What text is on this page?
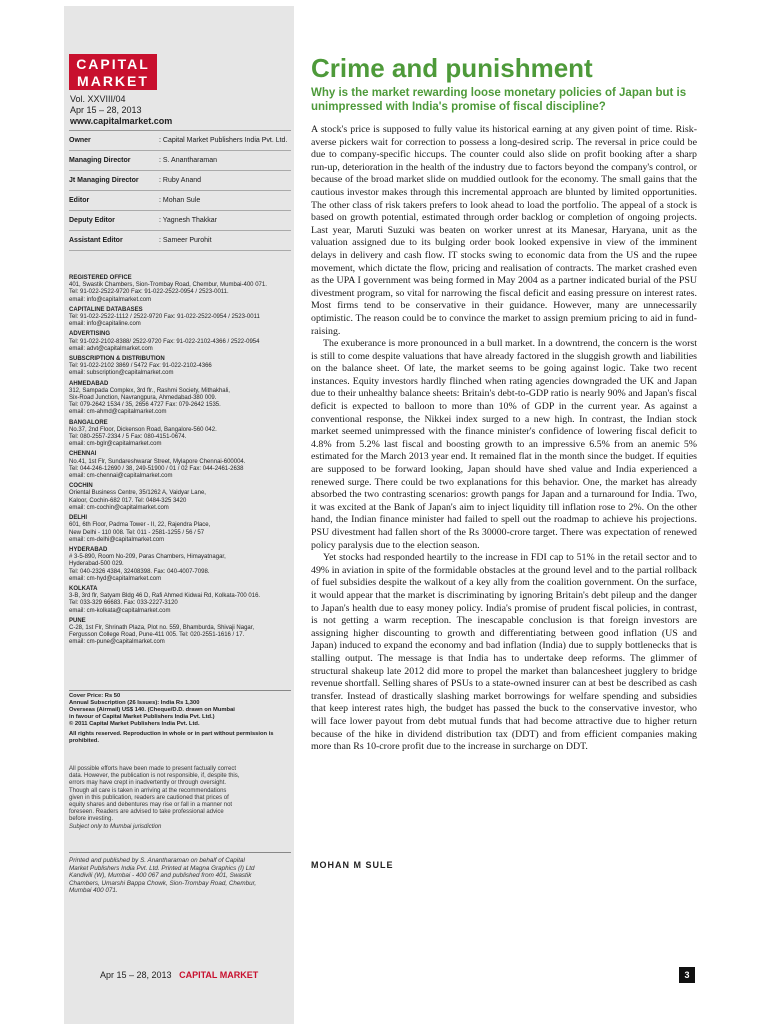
CAPITAL
MARKET
Vol. XXVIII/04
Apr 15 – 28, 2013
www.capitalmarket.com
Owner	: Capital Market Publishers India Pvt. Ltd.
Managing Director	: S. Anantharaman
Jt Managing Director	: Ruby Anand
Editor	: Mohan Sule
Deputy Editor	: Yagnesh Thakkar
Assistant Editor	: Sameer Purohit
REGISTERED OFFICE
401, Swastik Chambers, Sion-Trombay Road, Chembur, Mumbai-400 071.
Tel: 91-022-2522-9720 Fax: 91-022-2522-0954 / 2523-0011.
email: info@capitalmarket.com
CAPITALINE DATABASES
Tel: 91-022-2522-1112 / 2522-9720 Fax: 91-022-2522-0954 / 2523-0011
email: info@capitaline.com
ADVERTISING
Tel: 91-022-2102-8388/ 2522-9720 Fax: 91-022-2102-4366 / 2522-0954
email: advt@capitalmarket.com
SUBSCRIPTION & DISTRIBUTION
Tel: 91-022-2102 3869 / 5472 Fax: 91-022-2102-4366
email: subscription@capitalmarket.com
AHMEDABAD
312, Sampada Complex, 3rd flr., Rashmi Society, Mithakhali,
Six-Road Junction, Navrangpura, Ahmedabad-380 009.
Tel: 079-2642 1534 / 35, 2656 4727 Fax: 079-2642 1535.
email: cm-ahmd@capitalmarket.com
BANGALORE
No.37, 2nd Floor, Dickenson Road, Bangalore-560 042.
Tel: 080-2557-2334 / 5 Fax: 080-4151-0674.
email: cm-bglr@capitalmarket.com
CHENNAI
No.41, 1st Flr, Sundareshwarar Street, Mylapore Chennai-600004.
Tel: 044-246-12690 / 38, 249-51900 / 01 / 02 Fax: 044-2461-2638
email: cm-chennai@capitalmarket.com
COCHIN
Oriental Business Centre, 35/1262 A, Vaidyar Lane,
Kaloor, Cochin-682 017. Tel: 0484-325 3420
email: cm-cochin@capitalmarket.com
DELHI
601, 6th Floor, Padma Tower - II, 22, Rajendra Place,
New Delhi - 110 008. Tel: 011 - 2581-1255 / 56 / 57
email: cm-delhi@capitalmarket.com
HYDERABAD
# 3-5-890, Room No-209, Paras Chambers, Himayatnagar,
Hyderabad-500 029.
Tel: 040-2326 4384, 32408398. Fax: 040-4007-7098.
email: cm-hyd@capitalmarket.com
KOLKATA
3-B, 3rd flr, Satyam Bldg 46 D, Rafi Ahmed Kidwai Rd, Kolkata-700 016.
Tel: 033-329 66683. Fax: 033-2227-3120
email: cm-kolkata@capitalmarket.com
PUNE
C-28, 1st Flr, Shrinath Plaza, Plot no. 559, Bhamburda, Shivaji Nagar,
Fergusson College Road, Pune-411 005. Tel: 020-2551-1616 / 17.
email: cm-pune@capitalmarket.com
Cover Price: Rs 50
Annual Subscription (26 Issues): India Rs 1,300
Overseas (Airmail) US$ 140. (Cheque/D.D. drawn on Mumbai
in favour of Capital Market Publishers India Pvt. Ltd.)
© 2011 Capital Market Publishers India Pvt. Ltd.
All rights reserved. Reproduction in whole or in part without permission is prohibited.
All possible efforts have been made to present factually correct
data. However, the publication is not responsible, if, despite this,
errors may have crept in inadvertently or through oversight.
Though all care is taken in arriving at the recommendations
given in this publication, readers are cautioned that prices of
equity shares and debentures may rise or fall in a manner not
foreseen. Readers are advised to take professional advice
before investing.
Subject only to Mumbai jurisdiction
Printed and published by S. Anantharaman on behalf of Capital
Market Publishers India Pvt. Ltd. Printed at Magna Graphics (I) Ltd
Kandivili (W), Mumbai - 400 067 and published from 401, Swastik
Chambers, Umarshi Bappa Chowk, Sion-Trombay Road, Chembur,
Mumbai 400 071.
Apr 15 – 28, 2013 CAPITAL MARKET	3
Crime and punishment
Why is the market rewarding loose monetary policies of Japan but is unimpressed with India's promise of fiscal discipline?

A stock's price is supposed to fully value its historical earning at any given point of time. Risk-averse pickers wait for correction to possess a long-desired scrip. The reversal in price could be due to company-specific hiccups. The counter could also slide on profit booking after a sharp run-up, deterioration in the health of the industry due to factors beyond the company's control, or because of the broad market slide on muddied outlook for the economy. The small gains that the cautious investor makes through this incremental approach are blunted by limited opportunities. The other class of risk takers prefers to look ahead to load the portfolio. The appeal of a stock is based on growth potential, estimated through order backlog or completion of ongoing projects. Last year, Maruti Suzuki was beaten on worker unrest at its Manesar, Haryana, unit as the valuation assigned due to its bulging order book looked expensive in view of the imminent delays in delivery and cash flow. IT stocks swing to economic data from the US and the rupee movement, which dictate the flow, pricing and realisation of contracts. The market crashed even as the UPA I government was being formed in May 2004 as a partner indicated burial of the PSU divestment program, so vital for narrowing the fiscal deficit and easing pressure on interest rates. Most firms tend to be conservative in their guidance. However, many are unnecessarily optimistic. The reason could be to convince the market to assign premium pricing to aid in fund-raising.

The exuberance is more pronounced in a bull market. In a downtrend, the concern is the worst is still to come despite valuations that have already factored in the sluggish growth and liabilities on the balance sheet. Of late, the market seems to be going against logic. Take two recent instances. Equity investors hardly flinched when rating agencies downgraded the UK and Japan due to their unhealthy balance sheets: Britain's debt-to-GDP ratio is nearly 90% and Japan's fiscal deficit is expected to balloon to more than 10% of GDP in the current year. As against a conventional response, the Nikkei index surged to a new high. In contrast, the Indian stock market seemed unimpressed with the finance minister's confidence of lowering fiscal deficit to 4.8% from 5.2% last fiscal and boosting growth to an impressive 6.5% from an anemic 5% estimated for the March 2013 year end. It remained flat in the month since the budget. If equities are supposed to be forward looking, Japan should have shed value and India experienced a renewed surge. There could be two explanations for this behavior. One, the market has already absorbed the two contrasting scenarios: growth pangs for Japan and a turnaround for India. Two, it was excited at the Bank of Japan's aim to inject liquidity till inflation rose to 2%. On the other hand, the Indian finance minister had failed to spell out the roadmap to achieve his projections. PSU divestment had fallen short of the Rs 30000-crore target. There was expectation of renewed policy paralysis due to the election season.

Yet stocks had responded heartily to the increase in FDI cap to 51% in the retail sector and to 49% in aviation in spite of the formidable obstacles at the ground level and to the partial rollback of fuel subsidies despite the walkout of a key ally from the coalition government. On the surface, it would appear that the market is discriminating by ignoring Britain's debt pileup and the danger to Japan's health due to easy money policy. India's promise of prudent fiscal policies, in contrast, is not getting a warm reception. The inescapable conclusion is that foreign investors are assigning higher discounting to growth and differentiating between good inflation (US and Japan) induced to expand the economy and bad inflation (India) due to supply bottlenecks that is stalling output. The message is that India has to undertake deep reforms. The glimmer of structural shakeup late 2012 did more to propel the market than balancesheet jugglery to bridge revenue shortfall. Selling shares of PSUs to a state-owned insurer can at best be described as cash transfer. Instead of drastically slashing market borrowings for welfare spending and subsidies that keep interest rates high, the budget has passed the buck to the conservative investor, who will face lower payout from debt mutual funds that had become attractive due to higher return because of the hike in dividend distribution tax (DDT) and from efficient companies making more than Rs 10-crore profit due to the increase in surcharge on DDT.

MOHAN M SULE
